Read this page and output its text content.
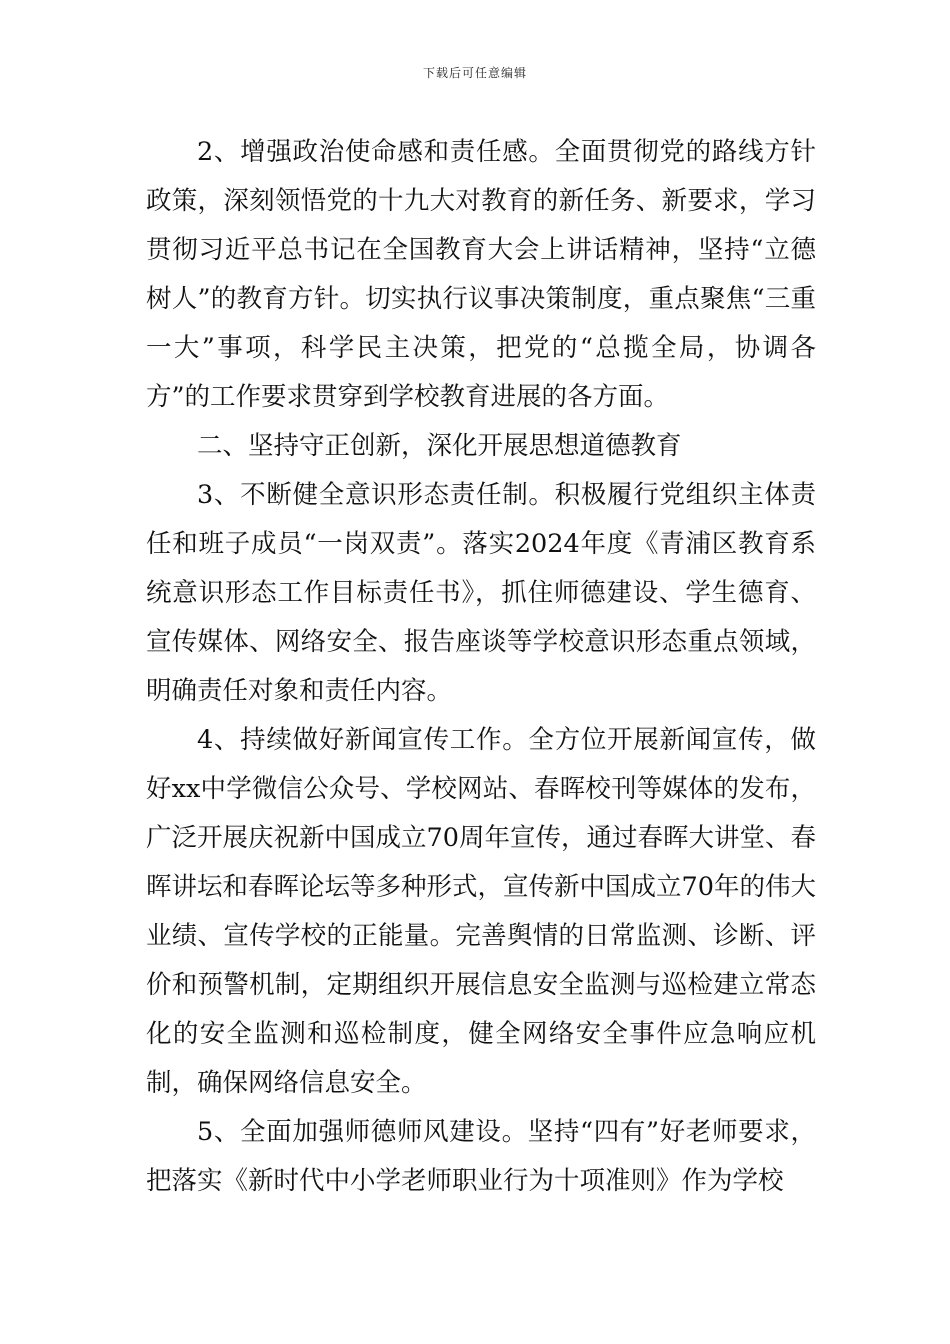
下载后可任意编辑

2、增强政治使命感和责任感。全面贯彻党的路线方针政策，深刻领悟党的十九大对教育的新任务、新要求，学习贯彻习近平总书记在全国教育大会上讲话精神，坚持“立德树人”的教育方针。切实执行议事决策制度，重点聚焦“三重一大”事项，科学民主决策，把党的“总揽全局，协调各方”的工作要求贯穿到学校教育进展的各方面。

二、坚持守正创新，深化开展思想道德教育

3、不断健全意识形态责任制。积极履行党组织主体责任和班子成员“一岗双责”。落实2024年度《青浦区教育系统意识形态工作目标责任书》，抓住师德建设、学生德育、宣传媒体、网络安全、报告座谈等学校意识形态重点领域，明确责任对象和责任内容。

4、持续做好新闻宣传工作。全方位开展新闻宣传，做好xx中学微信公众号、学校网站、春晖校刊等媒体的发布，广泛开展庆祝新中国成立70周年宣传，通过春晖大讲堂、春晖讲坛和春晖论坛等多种形式，宣传新中国成立70年的伟大业绩、宣传学校的正能量。完善舆情的日常监测、诊断、评价和预警机制，定期组织开展信息安全监测与巡检建立常态化的安全监测和巡检制度，健全网络安全事件应急响应机制，确保网络信息安全。

5、全面加强师德师风建设。坚持“四有”好老师要求，把落实《新时代中小学老师职业行为十项准则》作为学校
